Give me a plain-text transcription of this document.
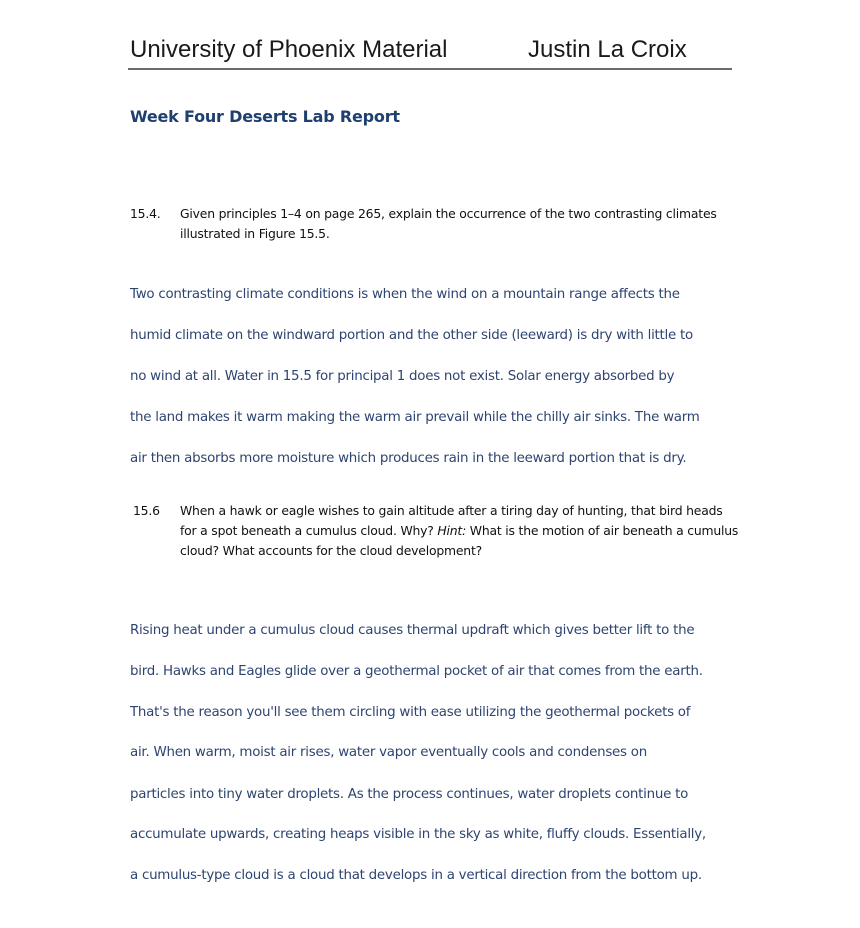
University of Phoenix Material	Justin La Croix
Week Four Deserts Lab Report
15.4. Given principles 1–4 on page 265, explain the occurrence of the two contrasting climates illustrated in Figure 15.5.
Two contrasting climate conditions is when the wind on a mountain range affects the
humid climate on the windward portion and the other side (leeward) is dry with little to
no wind at all. Water in 15.5 for principal 1 does not exist. Solar energy absorbed by
the land makes it warm making the warm air prevail while the chilly air sinks. The warm
air then absorbs more moisture which produces rain in the leeward portion that is dry.
15.6 When a hawk or eagle wishes to gain altitude after a tiring day of hunting, that bird heads for a spot beneath a cumulus cloud. Why? Hint: What is the motion of air beneath a cumulus cloud? What accounts for the cloud development?
Rising heat under a cumulus cloud causes thermal updraft which gives better lift to the
bird. Hawks and Eagles glide over a geothermal pocket of air that comes from the earth.
That's the reason you'll see them circling with ease utilizing the geothermal pockets of
air. When warm, moist air rises, water vapor eventually cools and condenses on
particles into tiny water droplets. As the process continues, water droplets continue to
accumulate upwards, creating heaps visible in the sky as white, fluffy clouds. Essentially,
a cumulus-type cloud is a cloud that develops in a vertical direction from the bottom up.
